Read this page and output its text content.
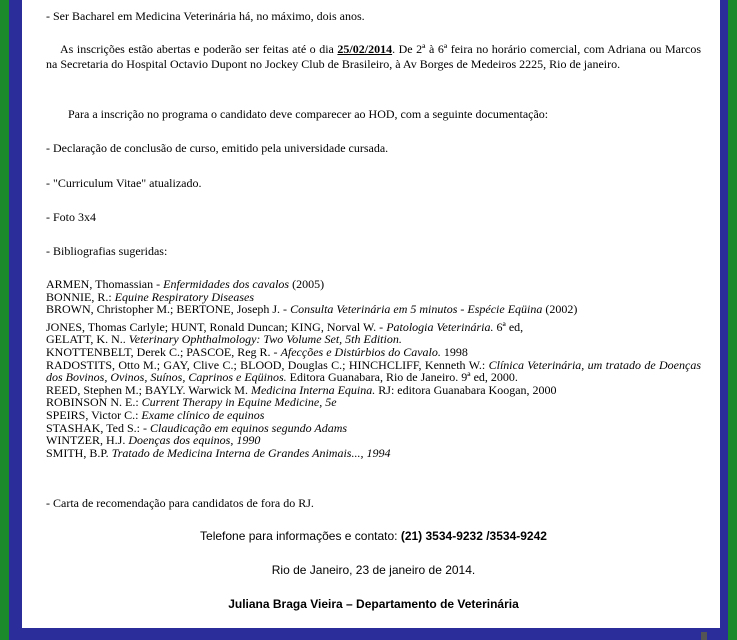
- Ser Bacharel em Medicina Veterinária há, no máximo, dois anos.

As inscrições estão abertas e poderão ser feitas até o dia 25/02/2014. De 2ª à 6ª feira no horário comercial, com Adriana ou Marcos na Secretaria do Hospital Octavio Dupont no Jockey Club de Brasileiro, à Av Borges de Medeiros 2225, Rio de janeiro.

Para a inscrição no programa o candidato deve comparecer ao HOD, com a seguinte documentação:

- Declaração de conclusão de curso, emitido pela universidade cursada.

- "Curriculum Vitae" atualizado.

- Foto 3x4

- Bibliografias sugeridas:

ARMEN, Thomassian - Enfermidades dos cavalos (2005)
BONNIE, R.: Equine Respiratory Diseases
BROWN, Christopher M.; BERTONE, Joseph J. - Consulta Veterinária em 5 minutos - Espécie Eqüina (2002)
JONES, Thomas Carlyle; HUNT, Ronald Duncan; KING, Norval W. - Patologia Veterinária. 6ª ed,
GELATT, K. N.. Veterinary Ophthalmology: Two Volume Set, 5th Edition.
KNOTTENBELT, Derek C.; PASCOE, Reg R. - Afecções e Distúrbios do Cavalo. 1998
RADOSTITS, Otto M.; GAY, Clive C.; BLOOD, Douglas C.; HINCHCLIFF, Kenneth W.: Clínica Veterinária, um tratado de Doenças dos Bovinos, Ovinos, Suínos, Caprinos e Eqüinos. Editora Guanabara, Rio de Janeiro. 9ª ed, 2000.
REED, Stephen M.; BAYLY. Warwick M. Medicina Interna Equina. RJ: editora Guanabara Koogan, 2000
ROBINSON N. E.: Current Therapy in Equine Medicine, 5e
SPEIRS, Victor C.: Exame clínico de equinos
STASHAK, Ted S.: - Claudicação em equinos segundo Adams
WINTZER, H.J. Doenças dos equinos, 1990
SMITH, B.P. Tratado de Medicina Interna de Grandes Animais..., 1994

- Carta de recomendação para candidatos de fora do RJ.

Telefone para informações e contato: (21) 3534-9232 /3534-9242

Rio de Janeiro, 23 de janeiro de 2014.

Juliana Braga Vieira – Departamento de Veterinária
